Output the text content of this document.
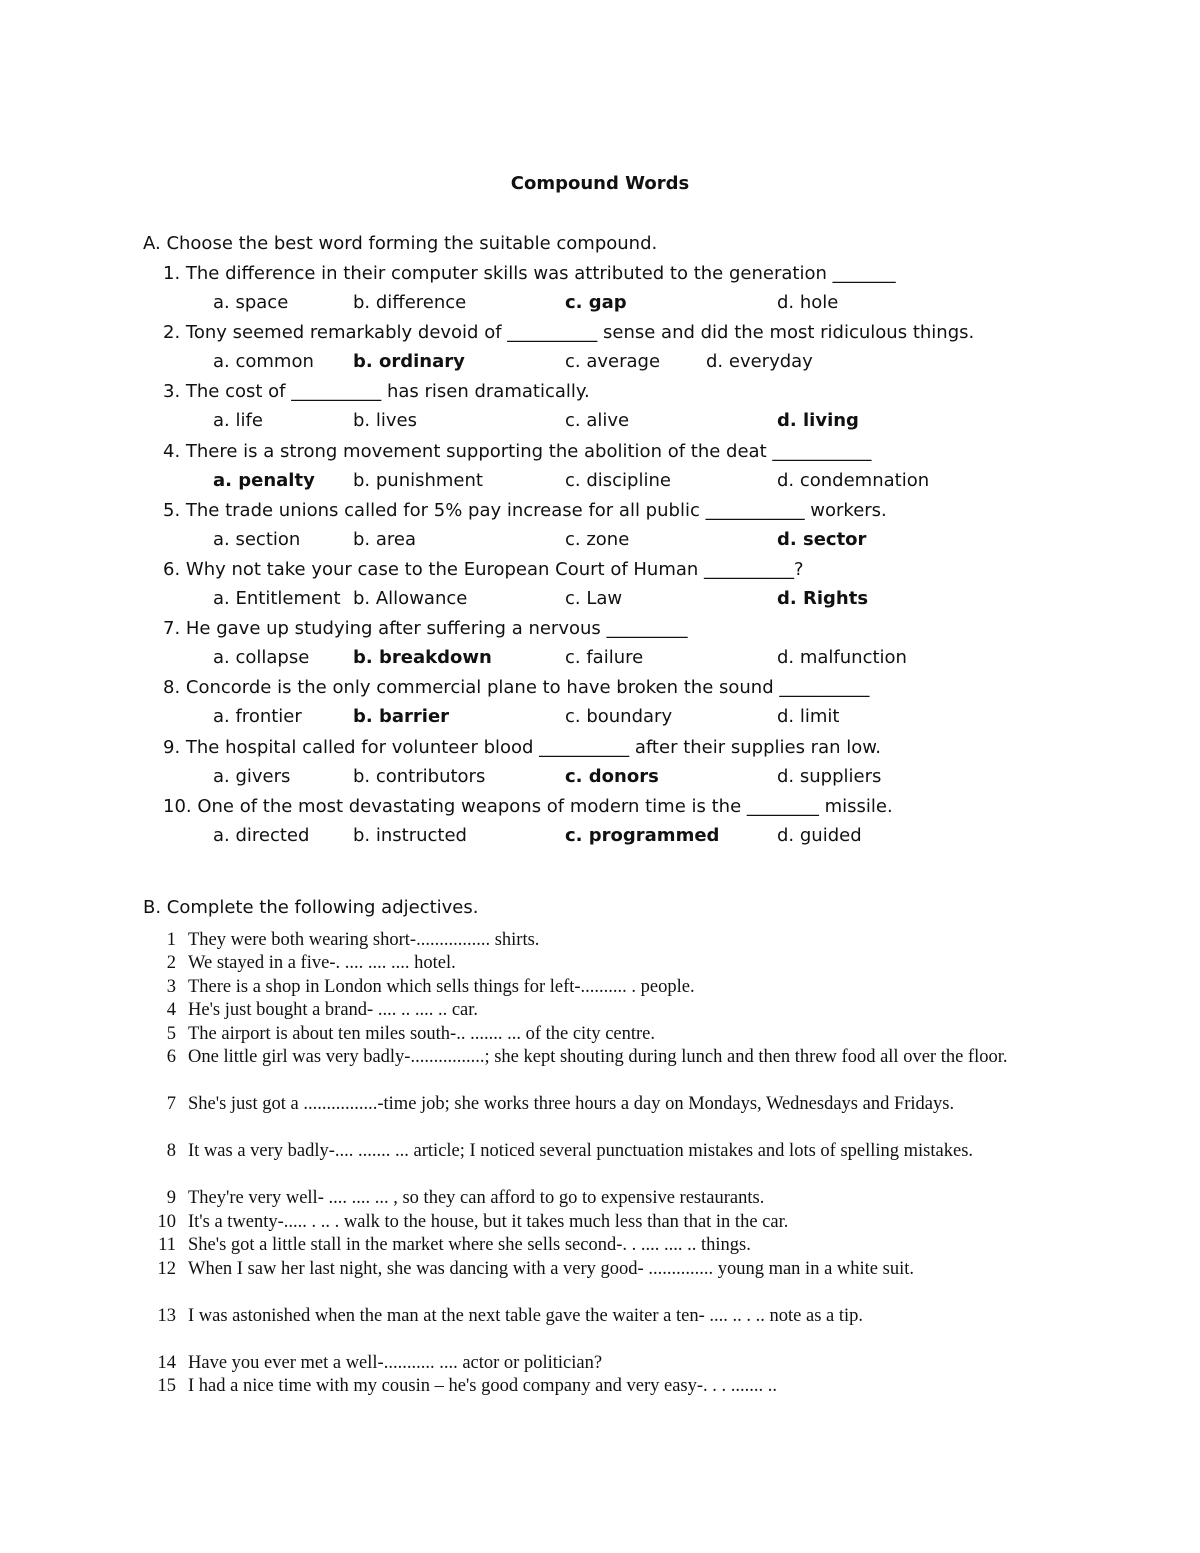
Compound Words
A. Choose the best word forming the suitable compound.
1. The difference in their computer skills was attributed to the generation _______
a. space	b. difference	c. gap	d. hole
2. Tony seemed remarkably devoid of __________ sense and did the most ridiculous things.
a. common b. ordinary	c. average	d. everyday
3. The cost of __________ has risen dramatically.
a. life	b. lives	c. alive	d. living
4. There is a strong movement supporting the abolition of the deat ___________
a. penalty b. punishment	c. discipline	d. condemnation
5. The trade unions called for 5% pay increase for all public ___________ workers.
a. section	b. area	c. zone	d. sector
6. Why not take your case to the European Court of Human __________?
a. Entitlement b. Allowance	c. Law	d. Rights
7. He gave up studying after suffering a nervous _________
a. collapse b. breakdown	c. failure	d. malfunction
8. Concorde is the only commercial plane to have broken the sound __________
a. frontier	b. barrier	c. boundary	d. limit
9. The hospital called for volunteer blood __________ after their supplies ran low.
a. givers	b. contributors	c. donors	d. suppliers
10. One of the most devastating weapons of modern time is the ________ missile.
a. directed b. instructed	c. programmed	d. guided
B. Complete the following adjectives.
1 They were both wearing short-................ shirts.
2 We stayed in a five-. .... .... .... hotel.
3 There is a shop in London which sells things for left-.......... . people.
4 He's just bought a brand- .... .. .... .. car.
5 The airport is about ten miles south-.. ....... ... of the city centre.
6 One little girl was very badly-................; she kept shouting during lunch and then threw food all over the floor.
7 She's just got a ................-time job; she works three hours a day on Mondays, Wednesdays and Fridays.
8 It was a very badly-.... ....... ... article; I noticed several punctuation mistakes and lots of spelling mistakes.
9 They're very well- .... .... ... , so they can afford to go to expensive restaurants.
10 It's a twenty-..... . .. . walk to the house, but it takes much less than that in the car.
11 She's got a little stall in the market where she sells second-. . .... .... .. things.
12 When I saw her last night, she was dancing with a very good- .............. young man in a white suit.
13 I was astonished when the man at the next table gave the waiter a ten- .... .. . .. note as a tip.
14 Have you ever met a well-........... .... actor or politician?
15 I had a nice time with my cousin – he's good company and very easy-. . . ....... ..
